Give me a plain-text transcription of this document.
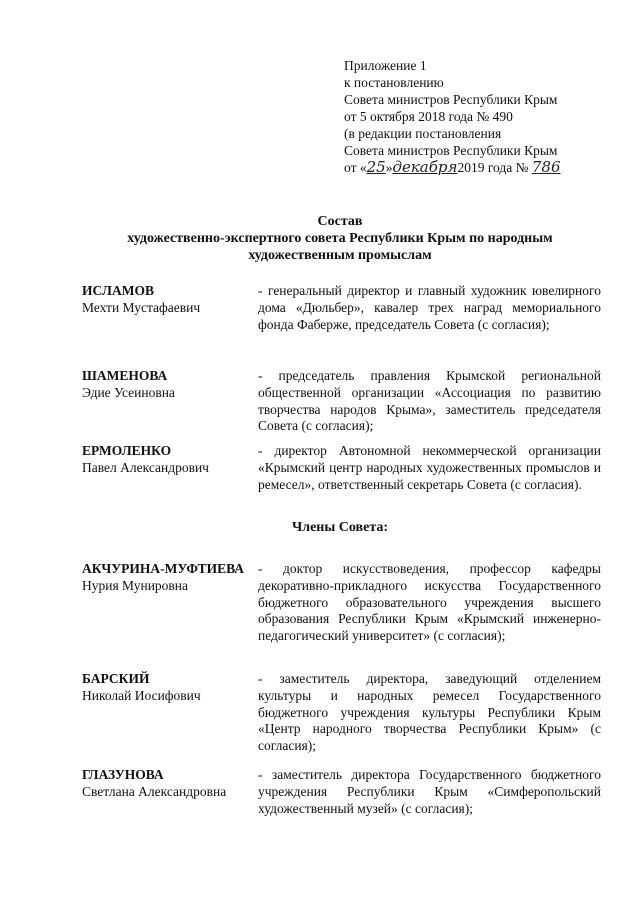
Приложение 1
к постановлению
Совета министров Республики Крым
от 5 октября 2018 года № 490
(в редакции постановления
Совета министров Республики Крым
от «25»декабря2019 года № 786
Состав
художественно-экспертного совета Республики Крым по народным
художественным промыслам
ИСЛАМОВ
Мехти Мустафаевич
- генеральный директор и главный художник ювелирного дома «Дюльбер», кавалер трех наград мемориального фонда Фаберже, председатель Совета (с согласия);
ШАМЕНОВА
Эдие Усеиновна
- председатель правления Крымской региональной общественной организации «Ассоциация по развитию творчества народов Крыма», заместитель председателя Совета (с согласия);
ЕРМОЛЕНКО
Павел Александрович
- директор Автономной некоммерческой организации «Крымский центр народных художественных промыслов и ремесел», ответственный секретарь Совета (с согласия).
Члены Совета:
АКЧУРИНА-МУФТИЕВА
Нурия Мунировна
- доктор искусствоведения, профессор кафедры декоративно-прикладного искусства Государственного бюджетного образовательного учреждения высшего образования Республики Крым «Крымский инженерно-педагогический университет» (с согласия);
БАРСКИЙ
Николай Иосифович
- заместитель директора, заведующий отделением культуры и народных ремесел Государственного бюджетного учреждения культуры Республики Крым «Центр народного творчества Республики Крым» (с согласия);
ГЛАЗУНОВА
Светлана Александровна
- заместитель директора Государственного бюджетного учреждения Республики Крым «Симферопольский художественный музей» (с согласия);
